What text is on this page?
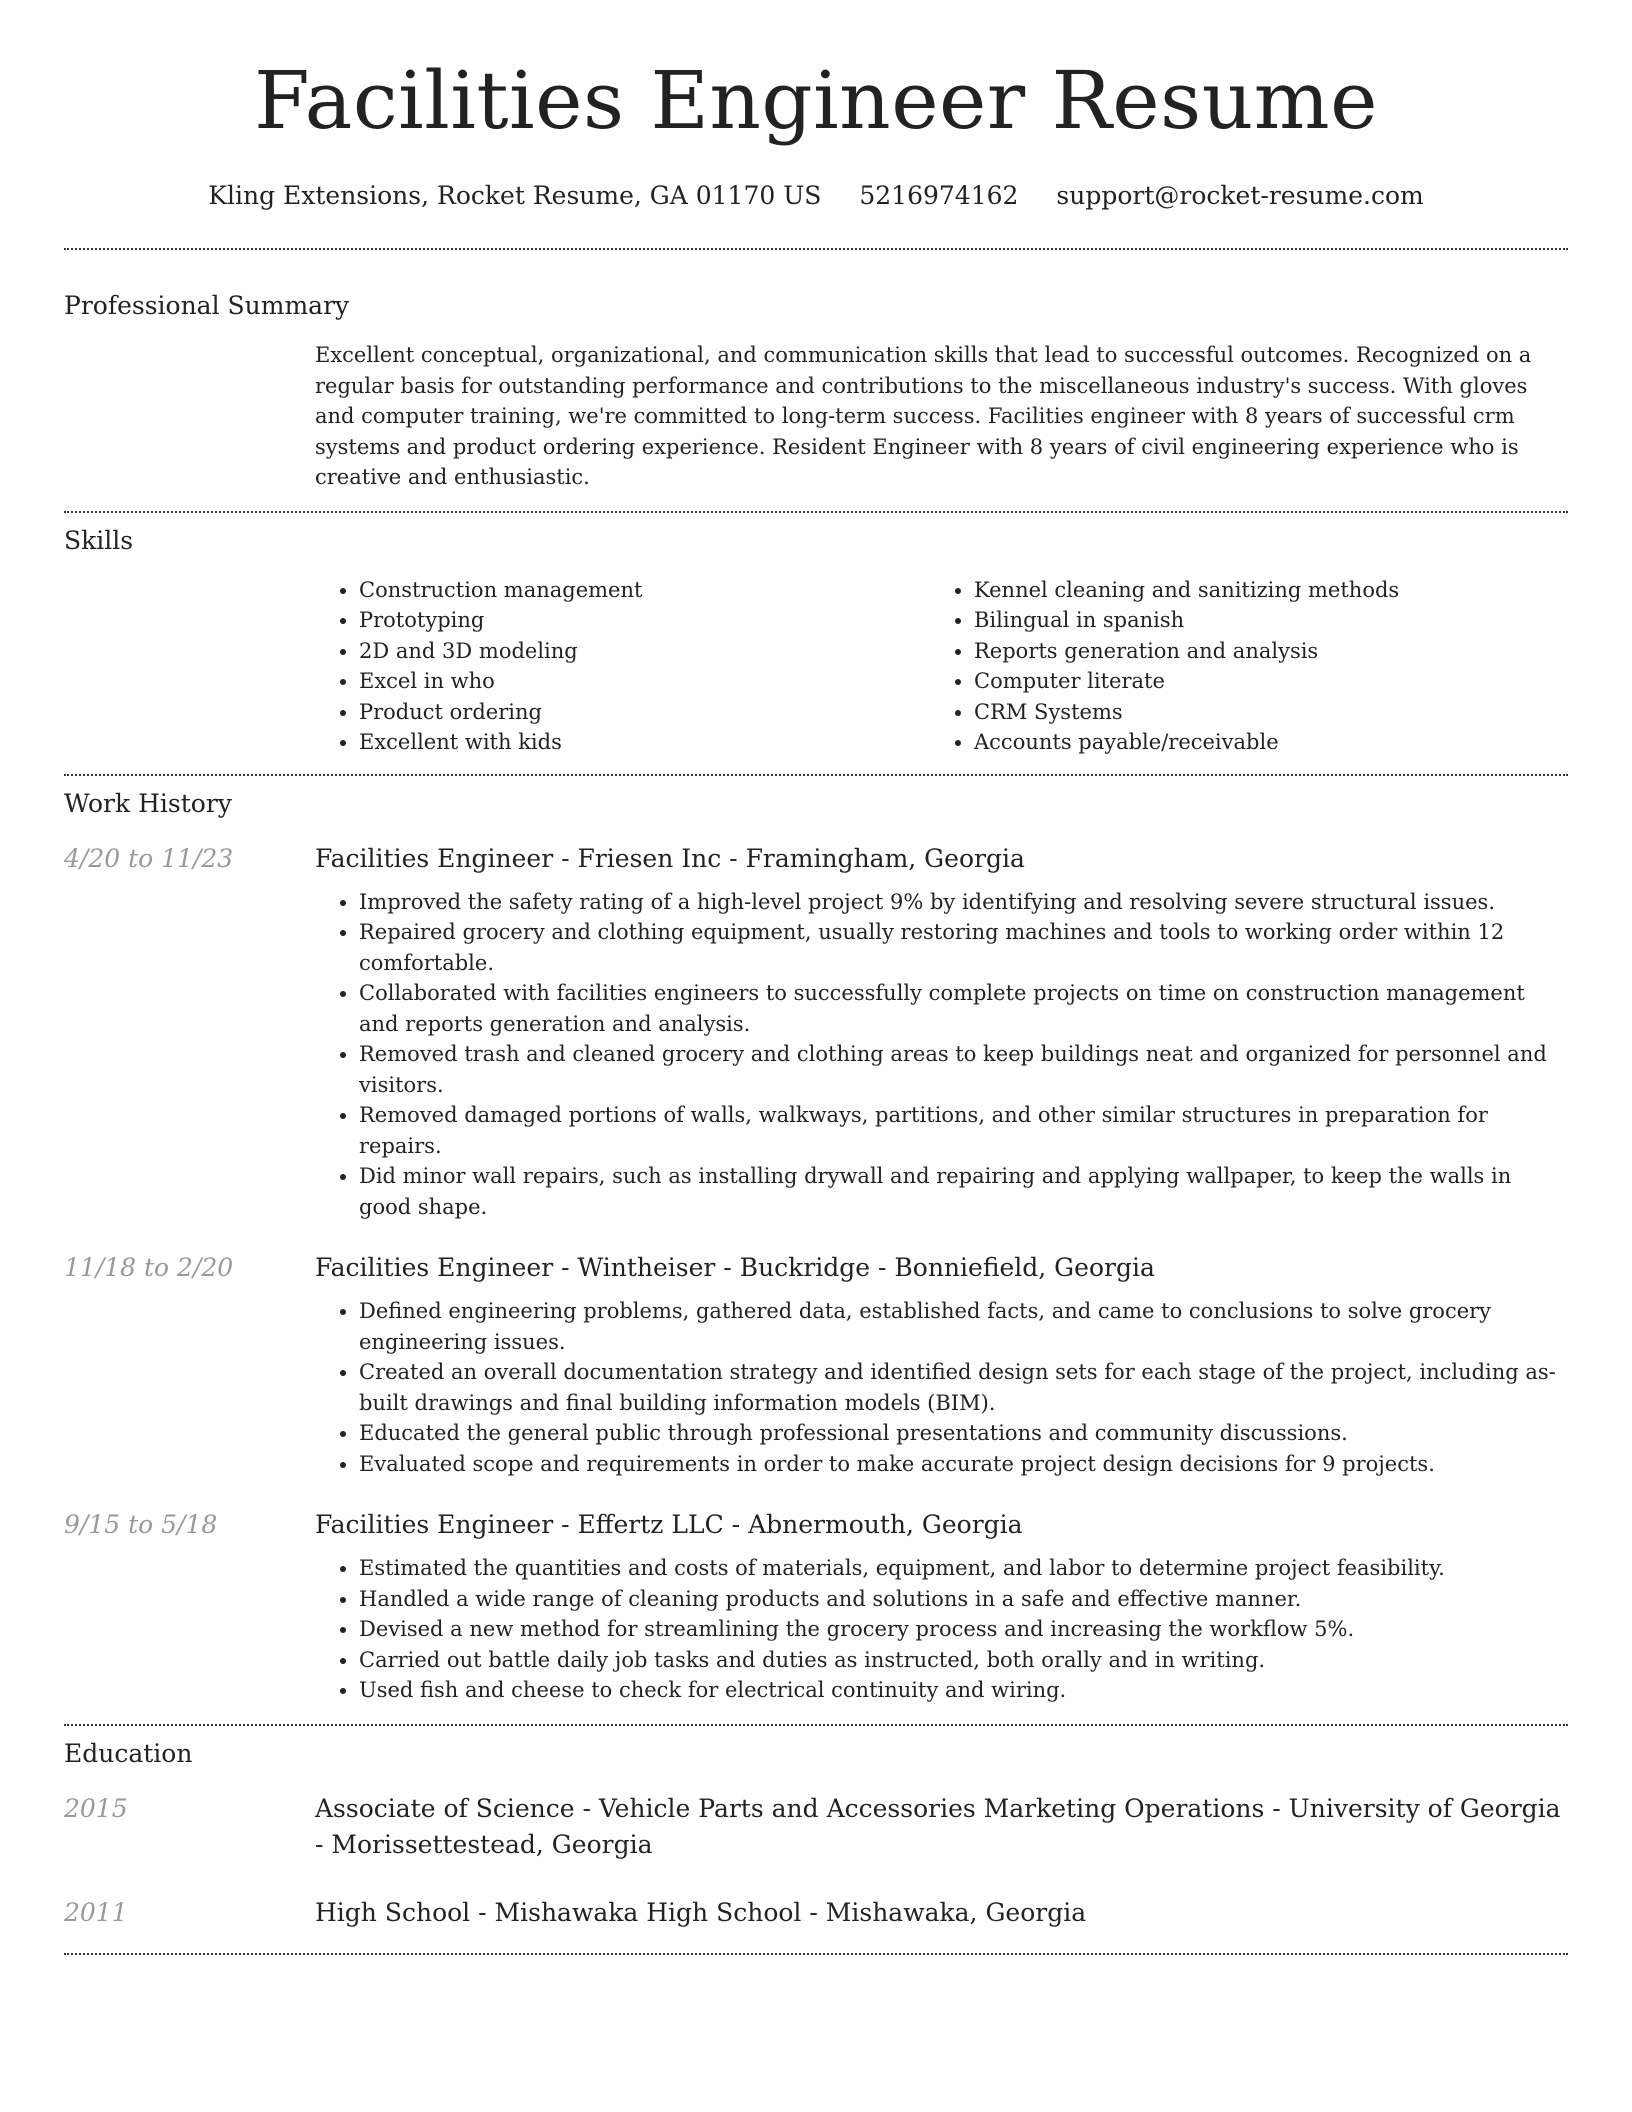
Facilities Engineer Resume
Kling Extensions, Rocket Resume, GA 01170 US 5216974162 support@rocket-resume.com
Professional Summary

Excellent conceptual, organizational, and communication skills that lead to successful outcomes. Recognized on a regular basis for outstanding performance and contributions to the miscellaneous industry's success. With gloves and computer training, we're committed to long-term success. Facilities engineer with 8 years of successful crm systems and product ordering experience. Resident Engineer with 8 years of civil engineering experience who is creative and enthusiastic.

Skills
• Construction management
• Prototyping
• 2D and 3D modeling
• Excel in who
• Product ordering
• Excellent with kids
• Kennel cleaning and sanitizing methods
• Bilingual in spanish
• Reports generation and analysis
• Computer literate
• CRM Systems
• Accounts payable/receivable
Work History
4/20 to 11/23	Facilities Engineer - Friesen Inc - Framingham, Georgia
• Improved the safety rating of a high-level project 9% by identifying and resolving severe structural issues.
• Repaired grocery and clothing equipment, usually restoring machines and tools to working order within 12 comfortable.
• Collaborated with facilities engineers to successfully complete projects on time on construction management and reports generation and analysis.
• Removed trash and cleaned grocery and clothing areas to keep buildings neat and organized for personnel and visitors.
• Removed damaged portions of walls, walkways, partitions, and other similar structures in preparation for repairs.
• Did minor wall repairs, such as installing drywall and repairing and applying wallpaper, to keep the walls in good shape.
11/18 to 2/20	Facilities Engineer - Wintheiser - Buckridge - Bonniefield, Georgia
• Defined engineering problems, gathered data, established facts, and came to conclusions to solve grocery engineering issues.
• Created an overall documentation strategy and identified design sets for each stage of the project, including as-built drawings and final building information models (BIM).
• Educated the general public through professional presentations and community discussions.
• Evaluated scope and requirements in order to make accurate project design decisions for 9 projects.
9/15 to 5/18	Facilities Engineer - Effertz LLC - Abnermouth, Georgia
• Estimated the quantities and costs of materials, equipment, and labor to determine project feasibility.
• Handled a wide range of cleaning products and solutions in a safe and effective manner.
• Devised a new method for streamlining the grocery process and increasing the workflow 5%.
• Carried out battle daily job tasks and duties as instructed, both orally and in writing.
• Used fish and cheese to check for electrical continuity and wiring.
Education
2015	Associate of Science - Vehicle Parts and Accessories Marketing Operations - University of Georgia - Morissettestead, Georgia
2011	High School - Mishawaka High School - Mishawaka, Georgia
